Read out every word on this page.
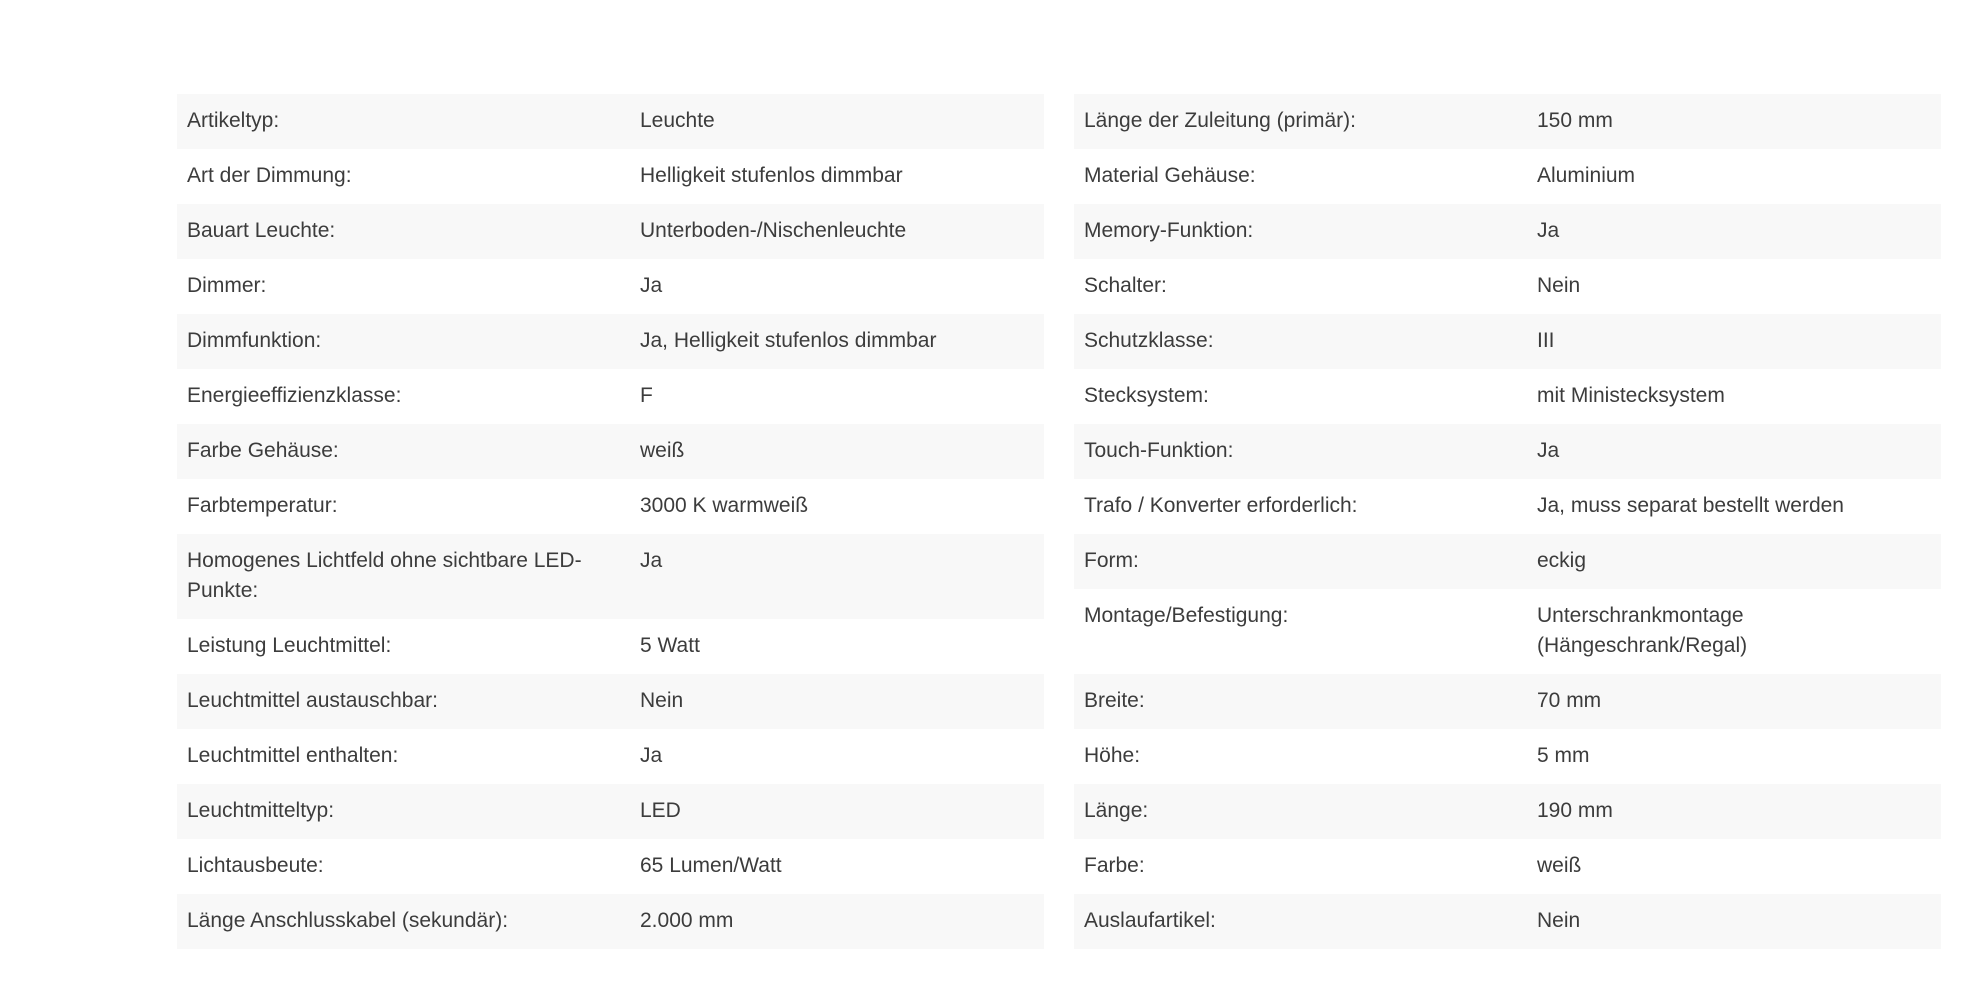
Artikeltyp:	Leuchte
Art der Dimmung:	Helligkeit stufenlos dimmbar
Bauart Leuchte:	Unterboden-/Nischenleuchte
Dimmer:	Ja
Dimmfunktion:	Ja, Helligkeit stufenlos dimmbar
Energieeffizienzklasse:	F
Farbe Gehäuse:	weiß
Farbtemperatur:	3000 K warmweiß
Homogenes Lichtfeld ohne sichtbare LED-Punkte:	Ja
Leistung Leuchtmittel:	5 Watt
Leuchtmittel austauschbar:	Nein
Leuchtmittel enthalten:	Ja
Leuchtmitteltyp:	LED
Lichtausbeute:	65 Lumen/Watt
Länge Anschlusskabel (sekundär):	2.000 mm
Länge der Zuleitung (primär):	150 mm
Material Gehäuse:	Aluminium
Memory-Funktion:	Ja
Schalter:	Nein
Schutzklasse:	III
Stecksystem:	mit Ministecksystem
Touch-Funktion:	Ja
Trafo / Konverter erforderlich:	Ja, muss separat bestellt werden
Form:	eckig
Montage/Befestigung:	Unterschrankmontage (Hängeschrank/Regal)
Breite:	70 mm
Höhe:	5 mm
Länge:	190 mm
Farbe:	weiß
Auslaufartikel:	Nein
